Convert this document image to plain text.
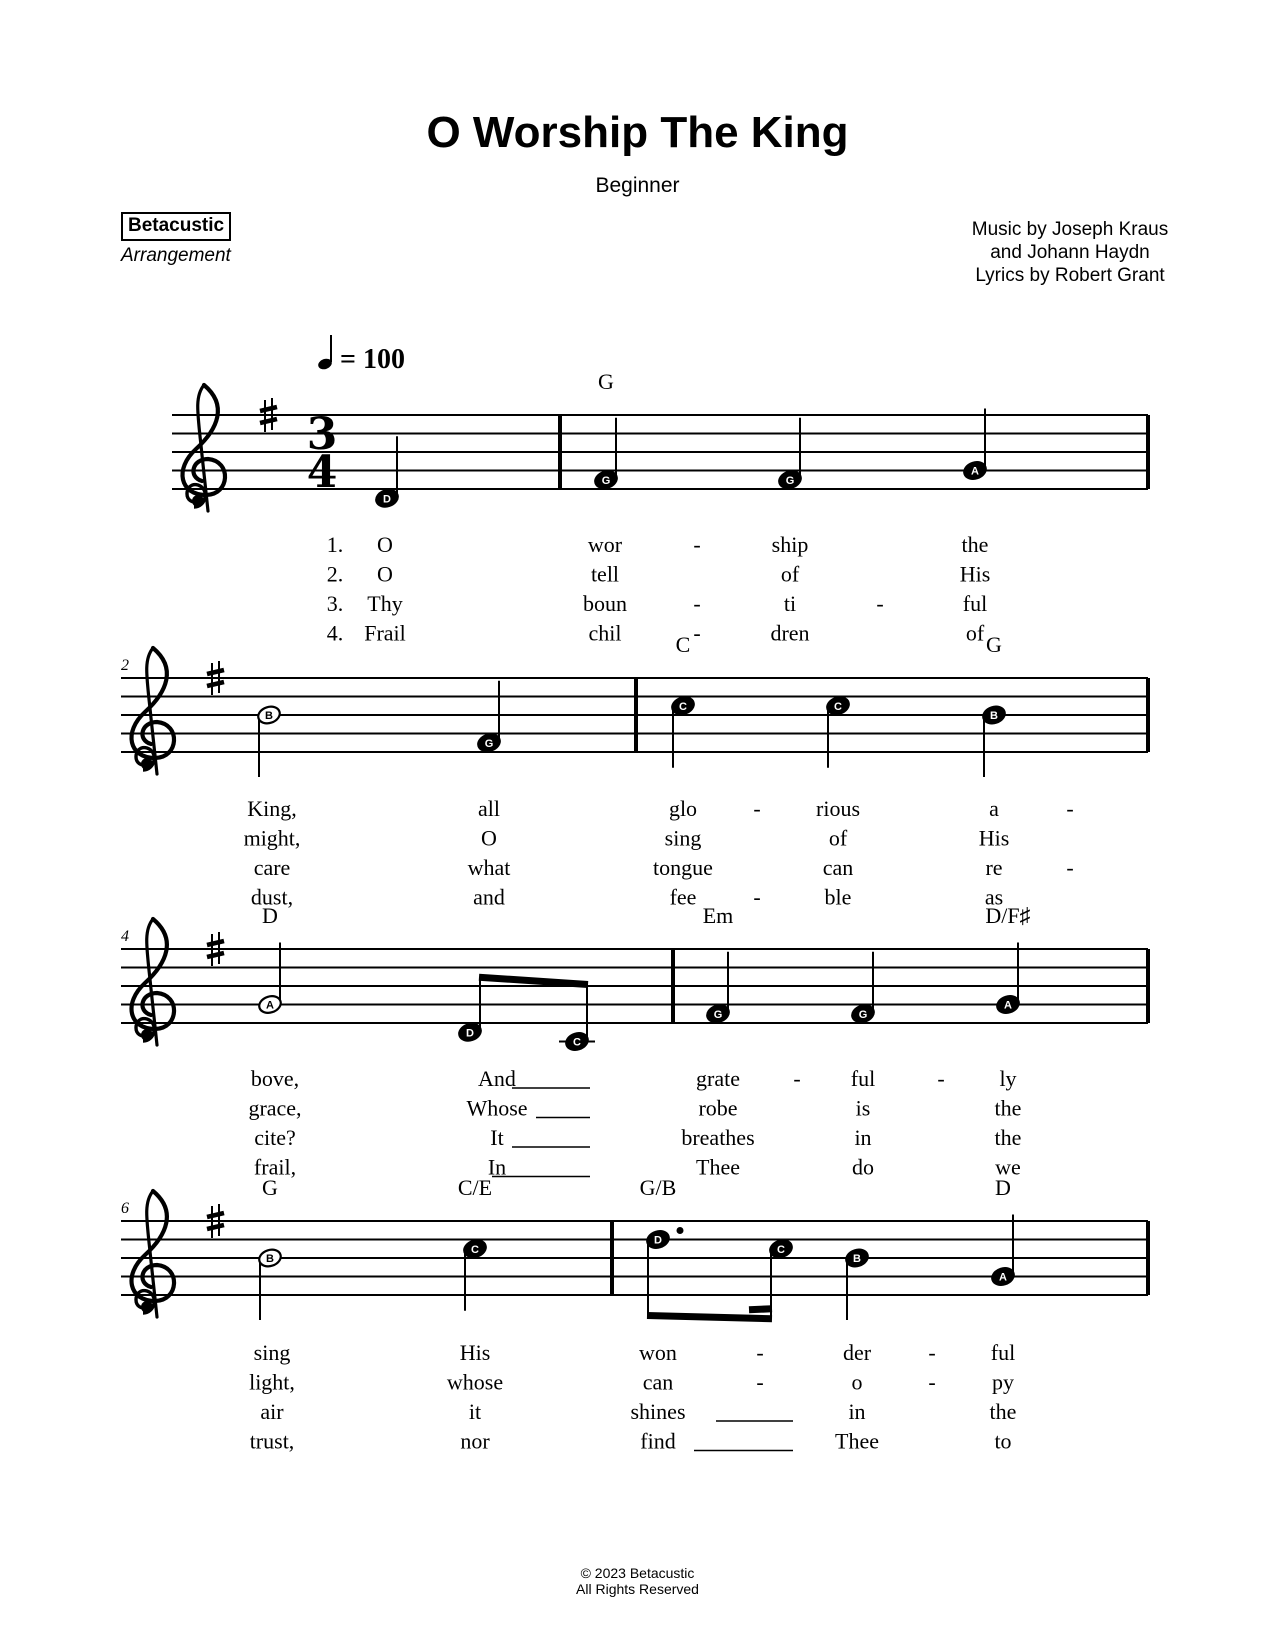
O Worship The King
Beginner
Betacustic
Arrangement
Music by Joseph Kraus
and Johann Haydn
Lyrics by Robert Grant
= 100
3
4
D
G	G
A
G
O
O
Thy
Frail
wor
tell
boun
chil
ship
of
ti
dren
the
His
ful
of
1.
2.
3.
4.
-
-
-
-
2
B
G
C	C
B
C	G
King,
might,
care
dust,
all
O
what
and
glo
sing
tongue
fee
rious
of
can
ble
a
His
re
as
-
-
-
-
4
A
D
C
G	G
A
D	Em	D/F♯
bove,
grace,
cite?
frail,
And
Whose
It
In
grate
robe
breathes
Thee
ful
is
in
do
ly
the
the
we
-	-
6
B
C
D
C
B
A
G	C/E	G/B	D
sing
light,
air
trust,
His
whose
it
nor
won
can
shines
find
der
o
in
Thee
ful
py
the
to
-
-
-
-
© 2023 Betacustic
All Rights Reserved
